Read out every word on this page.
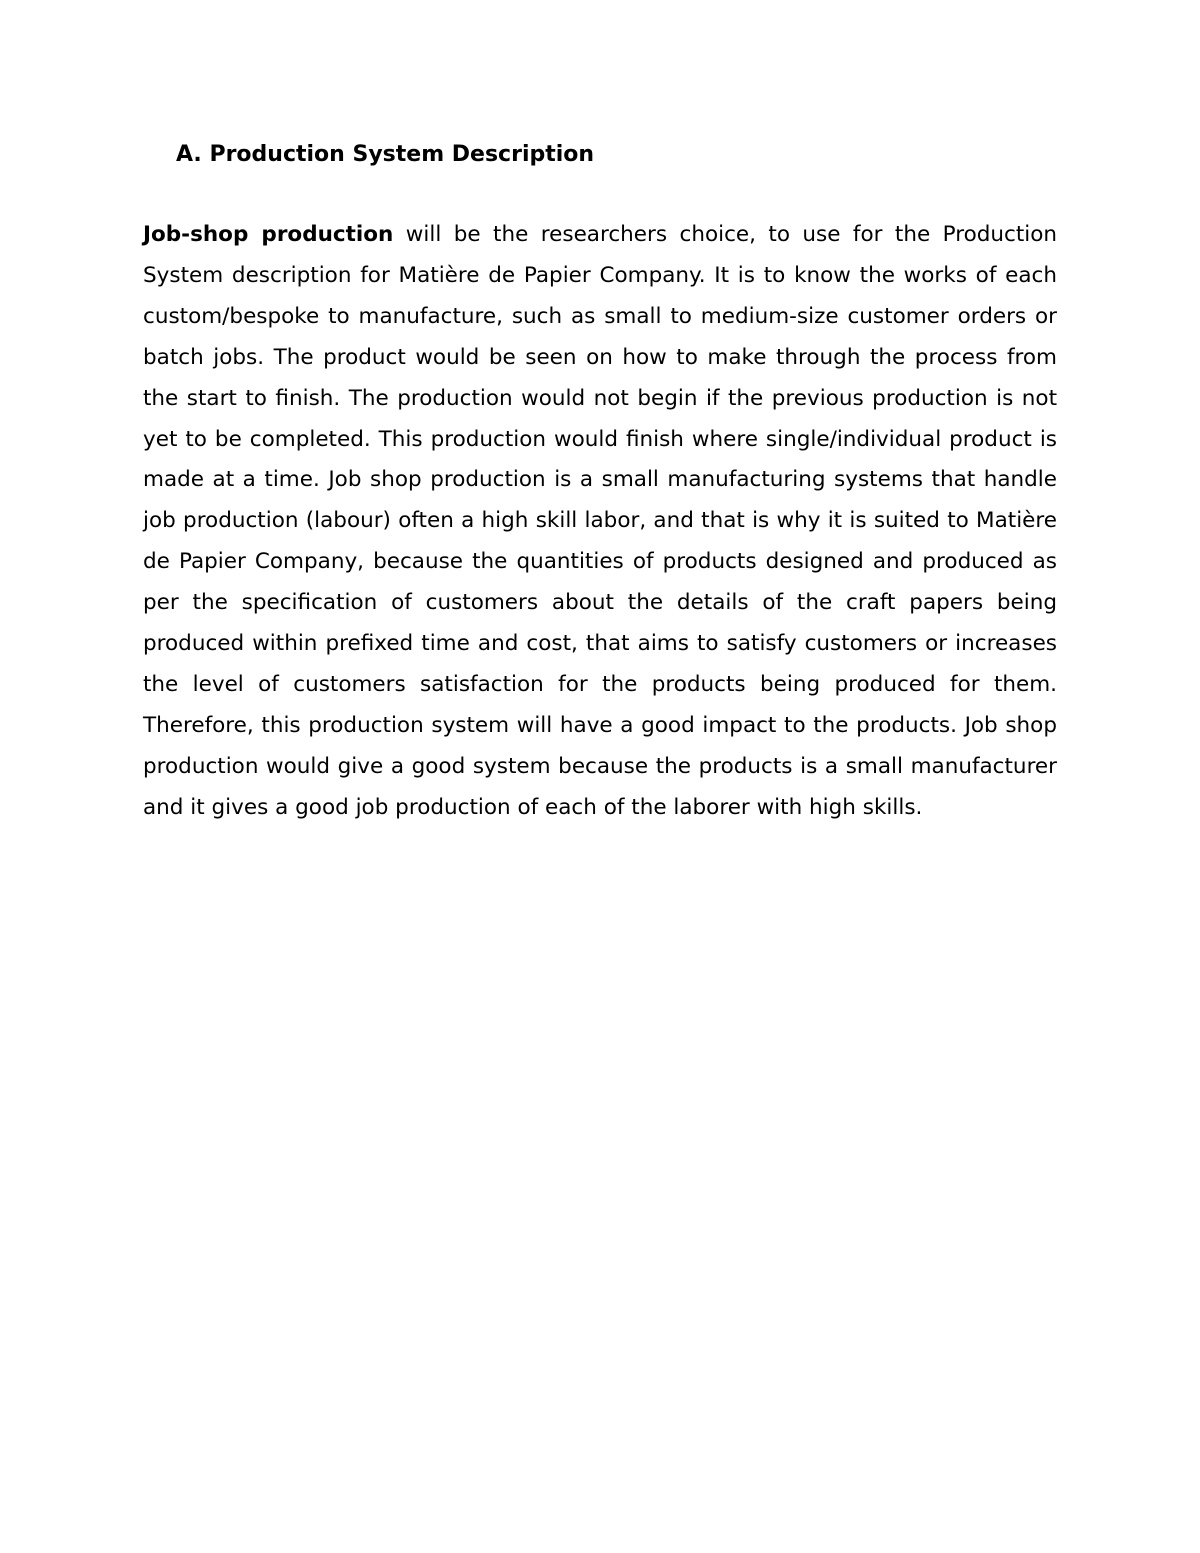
A. Production System Description

Job-shop production will be the researchers choice, to use for the Production System description for Matière de Papier Company. It is to know the works of each custom/bespoke to manufacture, such as small to medium-size customer orders or batch jobs. The product would be seen on how to make through the process from the start to finish. The production would not begin if the previous production is not yet to be completed. This production would finish where single/individual product is made at a time. Job shop production is a small manufacturing systems that handle job production (labour) often a high skill labor, and that is why it is suited to Matière de Papier Company, because the quantities of products designed and produced as per the specification of customers about the details of the craft papers being produced within prefixed time and cost, that aims to satisfy customers or increases the level of customers satisfaction for the products being produced for them. Therefore, this production system will have a good impact to the products. Job shop production would give a good system because the products is a small manufacturer and it gives a good job production of each of the laborer with high skills.
